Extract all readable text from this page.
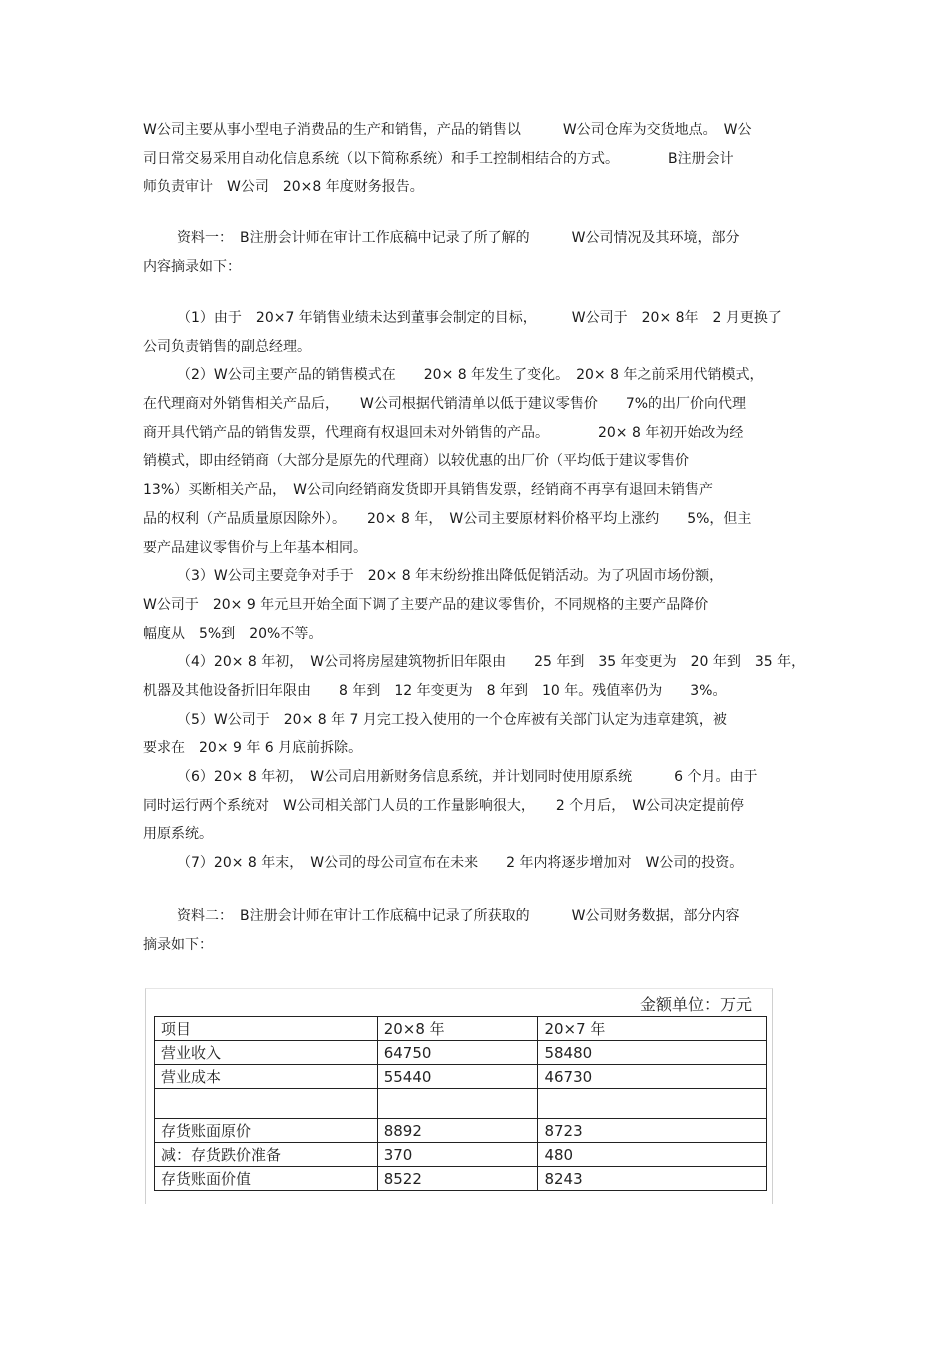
W公司主要从事小型电子消费品的生产和销售，产品的销售以　　　W公司仓库为交货地点。　W公
司日常交易采用自动化信息系统（以下简称系统）和手工控制相结合的方式。　　　　B注册会计
师负责审计　W公司　20×8 年度财务报告。
资料一：　B注册会计师在审计工作底稿中记录了所了解的　　　W公司情况及其环境，部分
内容摘录如下：
（1）由于　20×7 年销售业绩未达到董事会制定的目标，　　　W公司于　20× 8年　2 月更换了
公司负责销售的副总经理。
（2）W公司主要产品的销售模式在　　20× 8 年发生了变化。　20× 8 年之前采用代销模式，
在代理商对外销售相关产品后，　　W公司根据代销清单以低于建议零售价　　7%的出厂价向代理
商开具代销产品的销售发票，代理商有权退回未对外销售的产品。　　　　20× 8 年初开始改为经
销模式，即由经销商（大部分是原先的代理商）以较优惠的出厂价（平均低于建议零售价
13%）买断相关产品，　W公司向经销商发货即开具销售发票，经销商不再享有退回未销售产
品的权利（产品质量原因除外）。　　20× 8 年，　W公司主要原材料价格平均上涨约　　5%，但主
要产品建议零售价与上年基本相同。
（3）W公司主要竞争对手于　20× 8 年末纷纷推出降低促销活动。为了巩固市场份额，
W公司于　20× 9 年元旦开始全面下调了主要产品的建议零售价，不同规格的主要产品降价
幅度从　5%到　20%不等。
（4）20× 8 年初，　W公司将房屋建筑物折旧年限由　　25 年到　35 年变更为　20 年到　35 年，
机器及其他设备折旧年限由　　8 年到　12 年变更为　8 年到　10 年。残值率仍为　　3%。
（5）W公司于　20× 8 年 7 月完工投入使用的一个仓库被有关部门认定为违章建筑，被
要求在　20× 9 年 6 月底前拆除。
（6）20× 8 年初，　W公司启用新财务信息系统，并计划同时使用原系统　　　6 个月。由于
同时运行两个系统对　W公司相关部门人员的工作量影响很大，　　2 个月后，　W公司决定提前停
用原系统。
（7）20× 8 年末，　W公司的母公司宣布在未来　　2 年内将逐步增加对　W公司的投资。
资料二：　B注册会计师在审计工作底稿中记录了所获取的　　　W公司财务数据，部分内容
摘录如下：
金额单位：万元
项目	20×8 年	20×7 年
营业收入	64750	58480
营业成本	55440	46730

存货账面原价	8892	8723
减：存货跌价准备	370	480
存货账面价值	8522	8243
